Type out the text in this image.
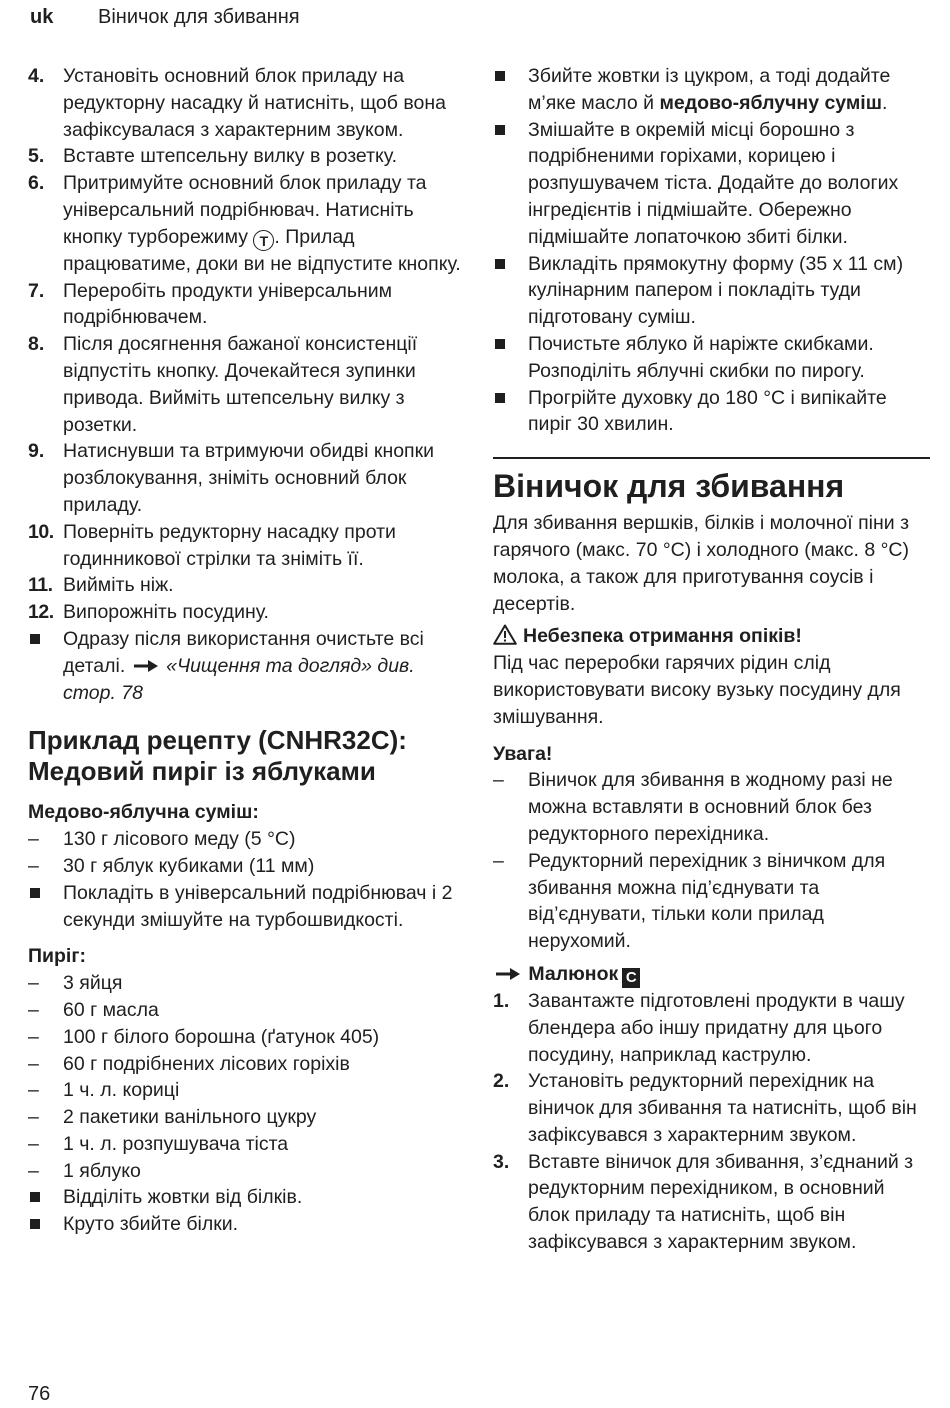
uk Віничок для збивання
4. Установіть основний блок приладу на редукторну насадку й натисніть, щоб вона зафіксувалася з характерним звуком.
5. Вставте штепсельну вилку в розетку.
6. Притримуйте основний блок приладу та універсальний подрібнювач. Натисніть кнопку турборежиму T . Прилад працюватиме, доки ви не відпустите кнопку.
7. Переробіть продукти універсальним подрібнювачем.
8. Після досягнення бажаної консистенції відпустіть кнопку. Дочекайтеся зупинки привода. Вийміть штепсельну вилку з розетки.
9. Натиснувши та втримуючи обидві кнопки розблокування, зніміть основний блок приладу.
10. Поверніть редукторну насадку проти годинникової стрілки та зніміть її.
11. Вийміть ніж.
12. Випорожніть посудину.
Одразу після використання очистьте всі деталі. «Чищення та догляд» див. стор. 78
Приклад рецепту (CNHR32C):
Медовий пиріг із яблуками
Медово-яблучна суміш:
–	130 г лісового меду (5 °C)
–	30 г яблук кубиками (11 мм)
Покладіть в універсальний подрібнювач і 2 секунди змішуйте на турбошвидкості.
Пиріг:
–	3 яйця
–	60 г масла
–	100 г білого борошна (ґатунок 405)
–	60 г подрібнених лісових горіхів
–	1 ч. л. кориці
–	2 пакетики ванільного цукру
–	1 ч. л. розпушувача тіста
–	1 яблуко
Відділіть жовтки від білків.
Круто збийте білки.
Збийте жовтки із цукром, а тоді додайте м’яке масло й медово-яблучну суміш.
Змішайте в окремій місці борошно з подрібненими горіхами, корицею і розпушувачем тіста. Додайте до вологих інгредієнтів і підмішайте. Обережно підмішайте лопаточкою збиті білки.
Викладіть прямокутну форму (35 x 11 см) кулінарним папером і покладіть туди підготовану суміш.
Почистьте яблуко й наріжте скибками. Розподіліть яблучні скибки по пирогу.
Прогрійте духовку до 180 °C і випікайте пиріг 30 хвилин.
Віничок для збивання
Для збивання вершків, білків і молочної піни з гарячого (макс. 70 °C) і холодного (макс. 8 °C) молока, а також для приготування соусів і десертів.
Небезпека отримання опіків!
Під час переробки гарячих рідин слід використовувати високу вузьку посудину для змішування.
Увага!
–	Віничок для збивання в жодному разі не можна вставляти в основний блок без редукторного перехідника.
–	Редукторний перехідник з віничком для збивання можна під’єднувати та від’єднувати, тільки коли прилад нерухомий.
Малюнок C
1. Завантажте підготовлені продукти в чашу блендера або іншу придатну для цього посудину, наприклад каструлю.
2. Установіть редукторний перехідник на віничок для збивання та натисніть, щоб він зафіксувався з характерним звуком.
3. Вставте віничок для збивання, з’єднаний з редукторним перехідником, в основний блок приладу та натисніть, щоб він зафіксувався з характерним звуком.
76
